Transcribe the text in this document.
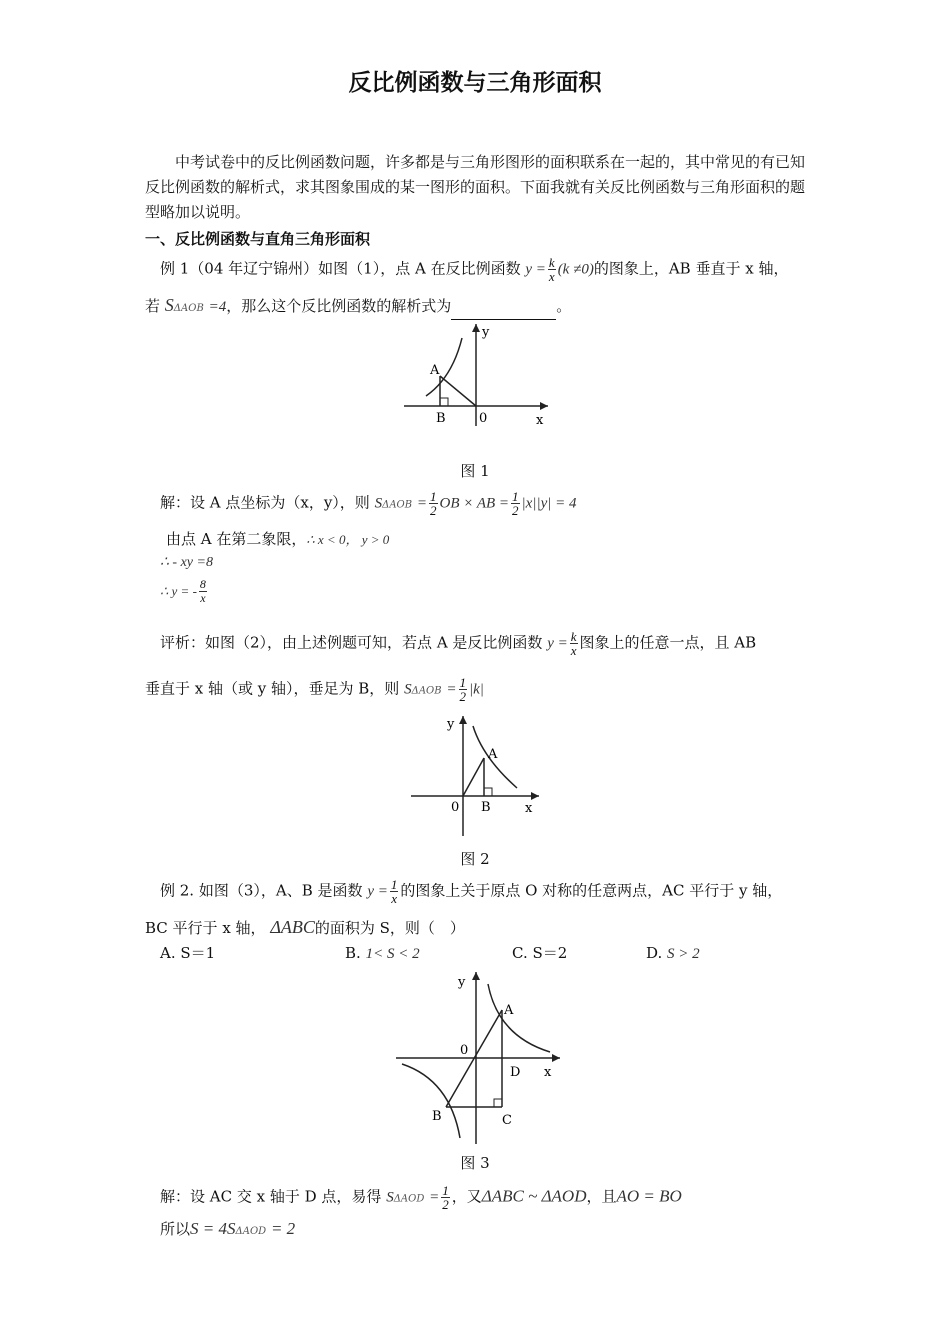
反比例函数与三角形面积
中考试卷中的反比例函数问题，许多都是与三角形图形的面积联系在一起的，其中常见的有已知反比例函数的解析式，求其图象围成的某一图形的面积。下面我就有关反比例函数与三角形面积的题型略加以说明。
一、反比例函数与直角三角形面积
例 1（04 年辽宁锦州）如图（1），点 A 在反比例函数 $y = \frac{k}{x} (k \ne 0)$的图象上，AB 垂直于 x 轴，
若 SΔAOB =4，那么这个反比例函数的解析式为	。
A
B	0	x
y
图 1
解：设 A 点坐标为（x，y），则 $S\Delta AOB = \frac{1}{2}$ OB × AB = $\frac{1}{2} |x||y| = 4$
由点 A 在第二象限，∴ x < 0， y > 0
∴ - xy =8
∴ y = - $\frac{8}{x}$
评析：如图（2），由上述例题可知，若点 A 是反比例函数 $y = \frac{k}{x}$ 图象上的任意一点，且 AB
垂直于 x 轴（或 y 轴），垂足为 B，则 $S\Delta AOB = \frac{1}{2} |k|$
A
B
0	x
y
图 2
例 2. 如图（3），A、B 是函数 $y = \frac{1}{x}$ 的图象上关于原点 O 对称的任意两点，AC 平行于 y 轴，
BC 平行于 x 轴， ΔABC的面积为 S，则（　）
A. S＝1	B. 1< S < 2	C. S＝2	D. S > 2
A
B	C
D
0
x
y
图 3
解：设 AC 交 x 轴于 D 点，易得 $S\Delta AOD = \frac{1}{2}$ ，又ΔABC ~ ΔAOD，且AO = BO
所以S = 4SΔAOD = 2
